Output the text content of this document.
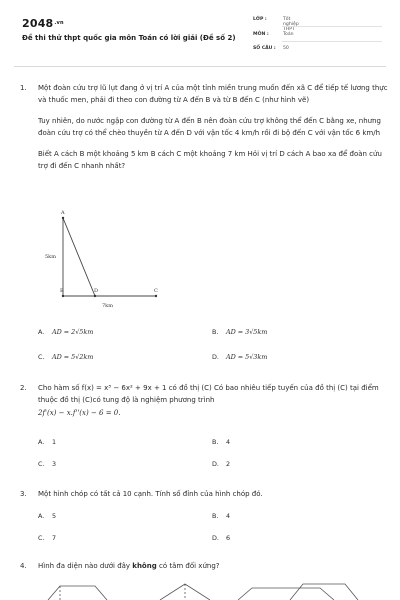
$2048^{.vn}$
Đề thi thử thpt quốc gia môn Toán có lời giải (Đề số 2)
LỚP :	Tốt nghiệp THPT
MÔN :	Toán
SỐ CÂU :	50
1. Một đoàn cứu trợ lũ lụt đang ở vị trí A của một tỉnh miền trung muốn đến xã C để tiếp tế lương thực và thuốc men, phải đi theo con đường từ A đến B và từ B đến C (như hình vẽ)

Tuy nhiên, do nước ngập con đường từ A đến B nên đoàn cứu trợ không thể đến C bằng xe, nhưng đoàn cứu trợ có thể chèo thuyền từ A đến D với vận tốc 4 km/h rồi đi bộ đến C với vận tốc 6 km/h

Biết A cách B một khoảng 5 km B cách C một khoảng 7 km Hỏi vị trí D cách A bao xa để đoàn cứu trợ đi đến C nhanh nhất?

A
B	D	C
5km
7km
A. AD = 2√5km	B. AD = 3√5km
C. AD = 5√2km	D. AD = 5√3km
2. Cho hàm số f(x) = x³ − 6x² + 9x + 1 có đồ thị (C) Có bao nhiêu tiếp tuyến của đồ thị (C) tại điểm thuộc đồ thị (C)có tung độ là nghiệm phương trình

2f'(x) − x.f''(x) − 6 = 0.

A. 1	B. 4
C. 3	D. 2
3. Một hình chóp có tất cả 10 cạnh. Tính số đỉnh của hình chóp đó.

A. 5	B. 4
C. 7	D. 6
4. Hình đa diện nào dưới đây không có tâm đối xứng?
